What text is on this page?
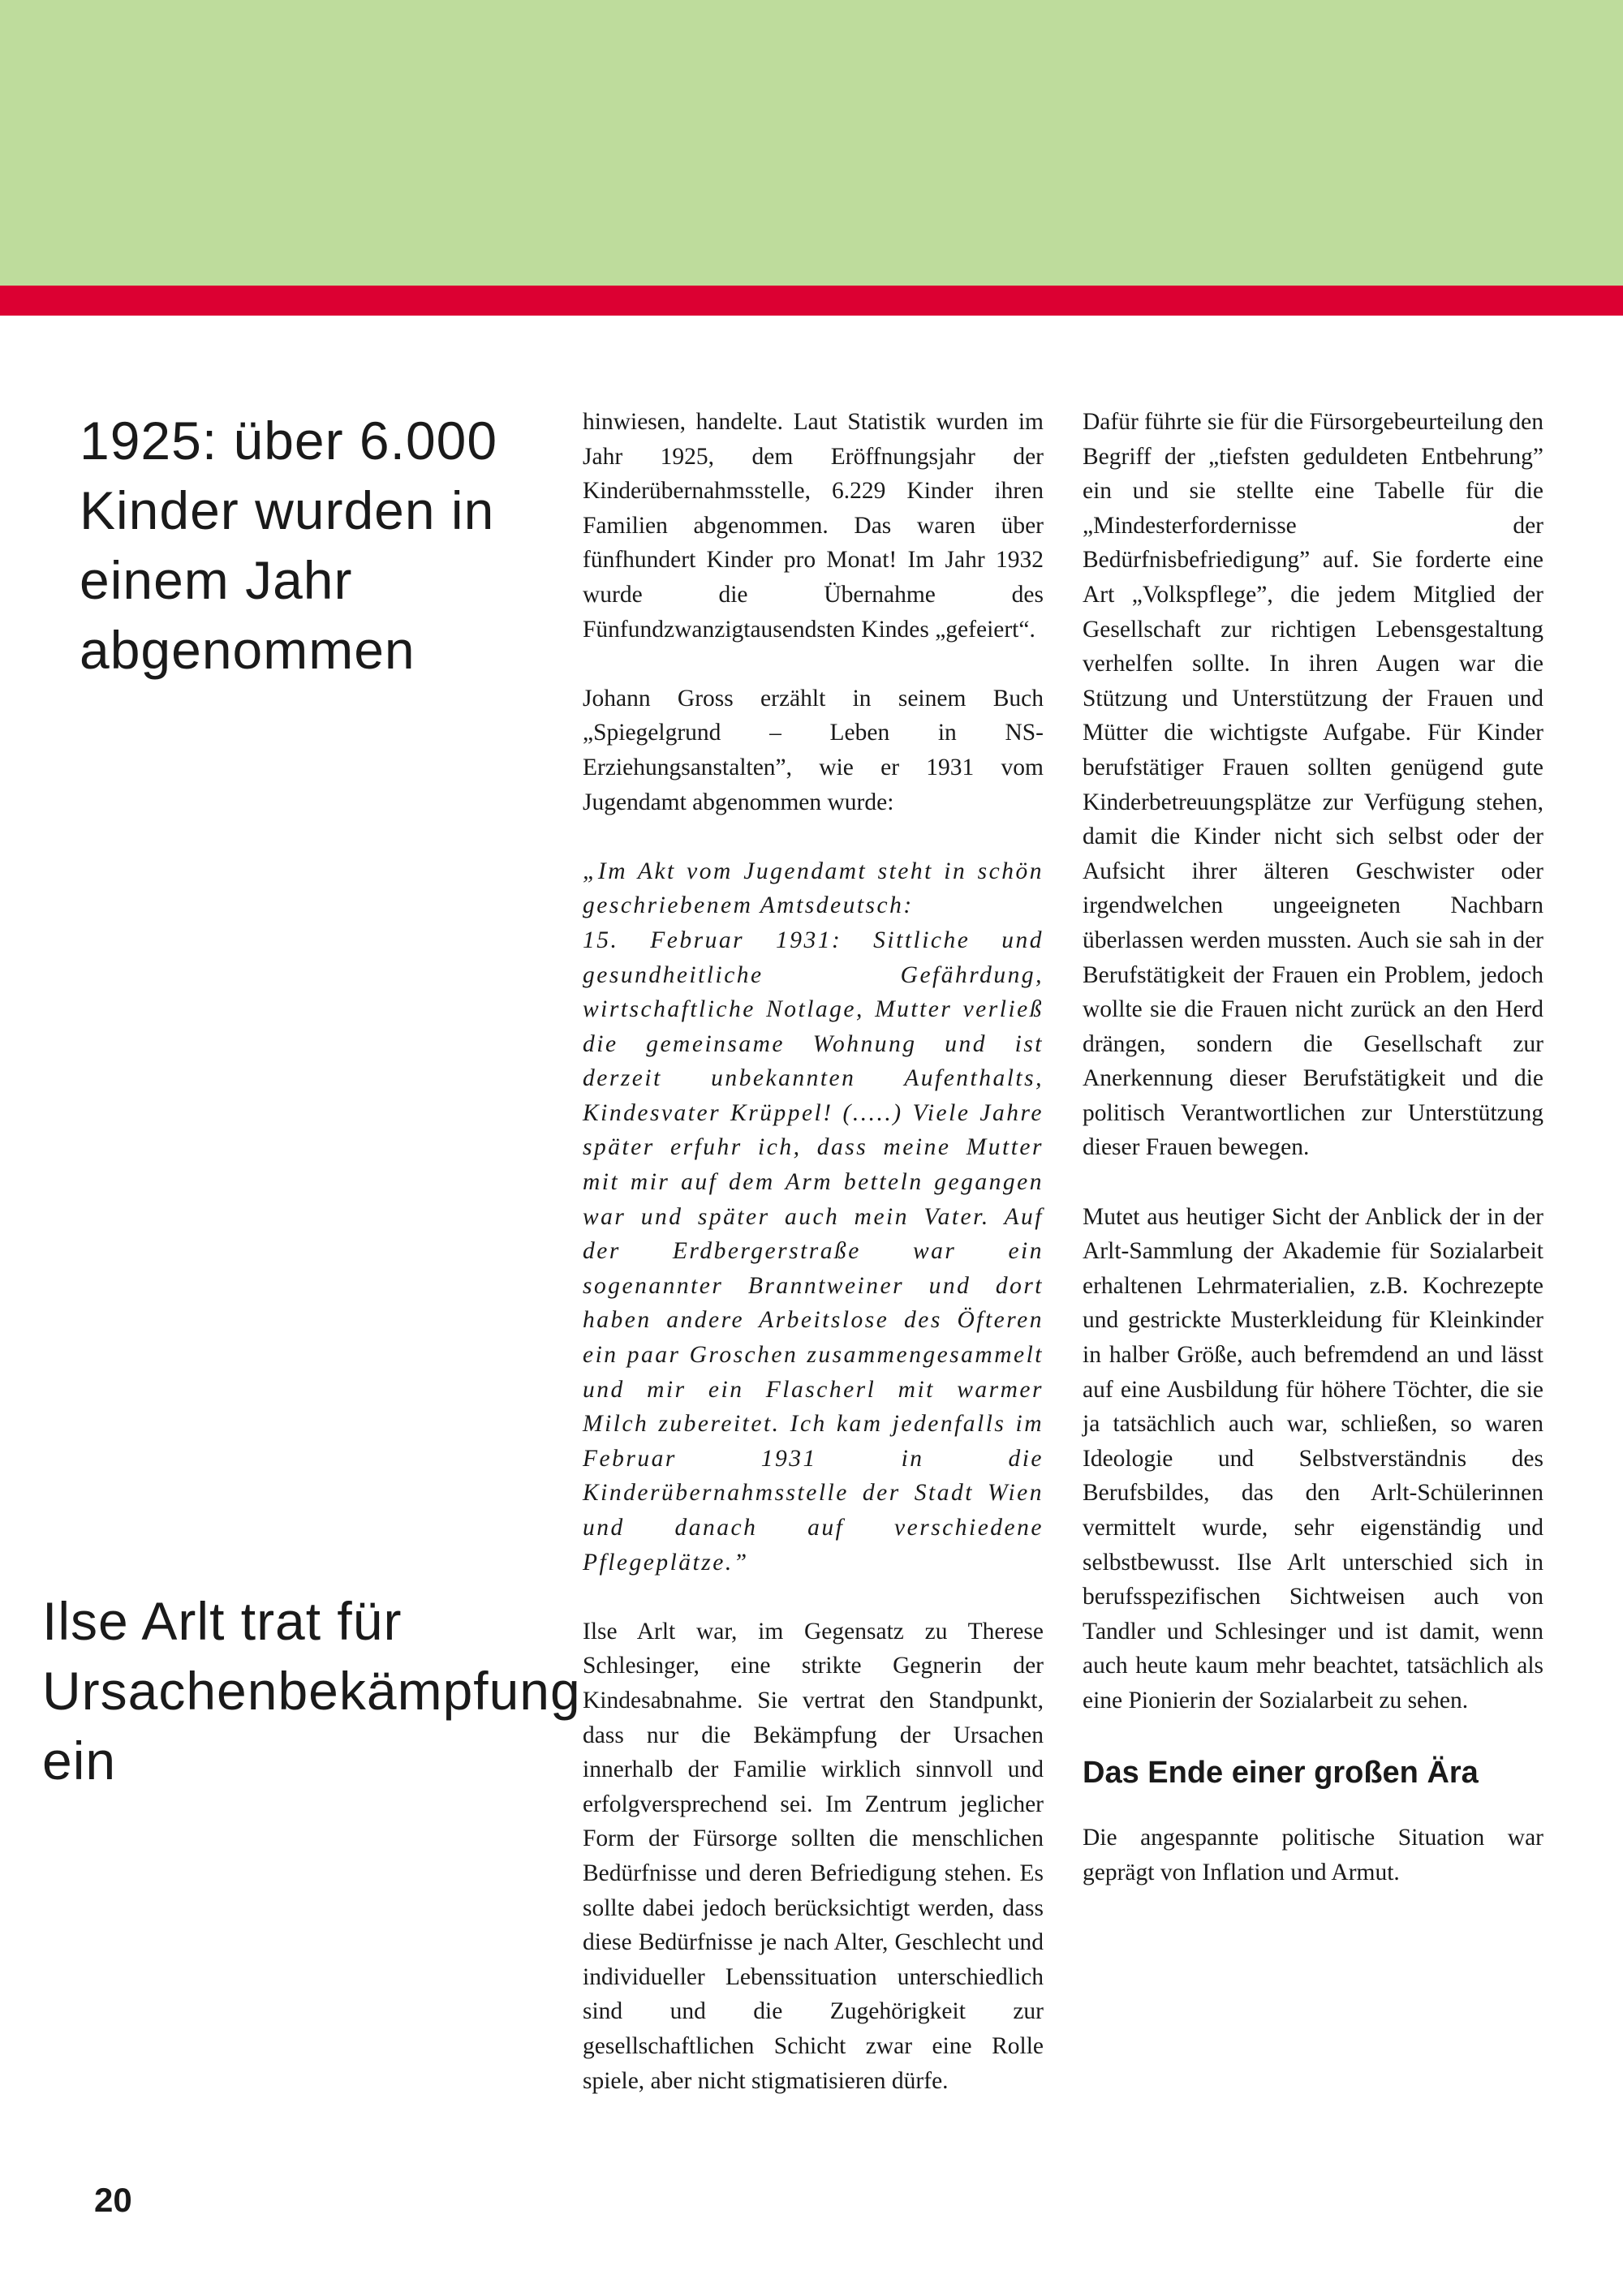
1925: über 6.000
Kinder wurden in
einem Jahr
abgenommen
Ilse Arlt trat für
Ursachenbekämpfung
ein

hinwiesen, handelte. Laut Statistik wurden im Jahr 1925, dem Eröffnungsjahr der Kinderübernahmsstelle, 6.229 Kinder ihren Familien abgenommen. Das waren über fünfhundert Kinder pro Monat! Im Jahr 1932 wurde die Übernahme des Fünfundzwanzigtausendsten Kindes „gefeiert“.

Johann Gross erzählt in seinem Buch „Spiegelgrund – Leben in NS- Erziehungsanstalten”, wie er 1931 vom Jugendamt abgenommen wurde:

„Im Akt vom Jugendamt steht in schön geschriebenem Amtsdeutsch:
15. Februar 1931: Sittliche und gesundheitliche Gefährdung, wirtschaftliche Notlage, Mutter verließ die gemeinsame Wohnung und ist derzeit unbekannten Aufenthalts, Kindesvater Krüppel! (.....) Viele Jahre später erfuhr ich, dass meine Mutter mit mir auf dem Arm betteln gegangen war und später auch mein Vater. Auf der Erdbergerstraße war ein sogenannter Branntweiner und dort haben andere Arbeitslose des Öfteren ein paar Groschen zusammengesammelt und mir ein Flascherl mit warmer Milch zubereitet. Ich kam jedenfalls im Februar 1931 in die Kinderübernahmsstelle der Stadt Wien und danach auf verschiedene Pflegeplätze.”

Ilse Arlt war, im Gegensatz zu Therese Schlesinger, eine strikte Gegnerin der Kindesabnahme. Sie vertrat den Standpunkt, dass nur die Bekämpfung der Ursachen innerhalb der Familie wirklich sinnvoll und erfolgversprechend sei. Im Zentrum jeglicher Form der Fürsorge sollten die menschlichen Bedürfnisse und deren Befriedigung stehen. Es sollte dabei jedoch berücksichtigt werden, dass diese Bedürfnisse je nach Alter, Geschlecht und individueller Lebenssituation unterschiedlich sind und die Zugehörigkeit zur gesellschaftlichen Schicht zwar eine Rolle spiele, aber nicht stigmatisieren dürfe.

Dafür führte sie für die Fürsorgebeurteilung den Begriff der „tiefsten geduldeten Entbehrung” ein und sie stellte eine Tabelle für die „Mindesterfordernisse der Bedürfnisbefriedigung” auf. Sie forderte eine Art „Volkspflege”, die jedem Mitglied der Gesellschaft zur richtigen Lebensgestaltung verhelfen sollte. In ihren Augen war die Stützung und Unterstützung der Frauen und Mütter die wichtigste Aufgabe. Für Kinder berufstätiger Frauen sollten genügend gute Kinderbetreuungsplätze zur Verfügung stehen, damit die Kinder nicht sich selbst oder der Aufsicht ihrer älteren Geschwister oder irgendwelchen ungeeigneten Nachbarn überlassen werden mussten. Auch sie sah in der Berufstätigkeit der Frauen ein Problem, jedoch wollte sie die Frauen nicht zurück an den Herd drängen, sondern die Gesellschaft zur Anerkennung dieser Berufstätigkeit und die politisch Verantwortlichen zur Unterstützung dieser Frauen bewegen.

Mutet aus heutiger Sicht der Anblick der in der Arlt-Sammlung der Akademie für Sozialarbeit erhaltenen Lehrmaterialien, z.B. Kochrezepte und gestrickte Musterkleidung für Kleinkinder in halber Größe, auch befremdend an und lässt auf eine Ausbildung für höhere Töchter, die sie ja tatsächlich auch war, schließen, so waren Ideologie und Selbstverständnis des Berufsbildes, das den Arlt-Schülerinnen vermittelt wurde, sehr eigenständig und selbstbewusst. Ilse Arlt unterschied sich in berufsspezifischen Sichtweisen auch von Tandler und Schlesinger und ist damit, wenn auch heute kaum mehr beachtet, tatsächlich als eine Pionierin der Sozialarbeit zu sehen.

Das Ende einer großen Ära

Die angespannte politische Situation war geprägt von Inflation und Armut.

20
